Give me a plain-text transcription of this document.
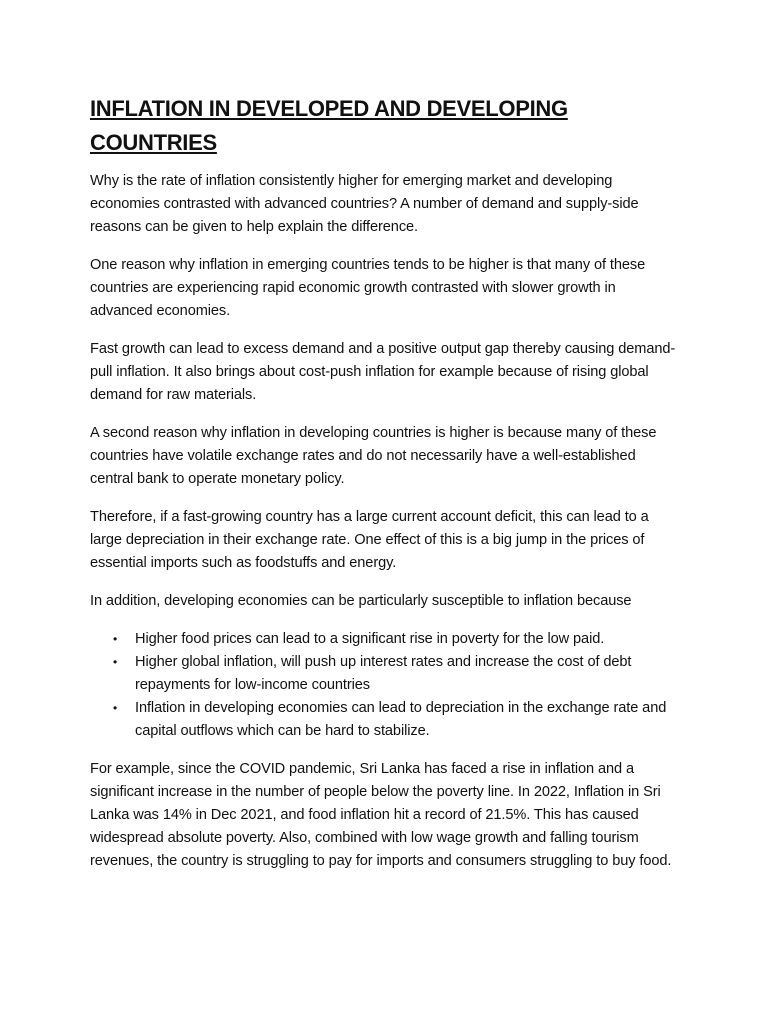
INFLATION IN DEVELOPED AND DEVELOPING
COUNTRIES

Why is the rate of inflation consistently higher for emerging market and developing economies contrasted with advanced countries? A number of demand and supply-side reasons can be given to help explain the difference.

One reason why inflation in emerging countries tends to be higher is that many of these countries are experiencing rapid economic growth contrasted with slower growth in advanced economies.

Fast growth can lead to excess demand and a positive output gap thereby causing demand-pull inflation. It also brings about cost-push inflation for example because of rising global demand for raw materials.

A second reason why inflation in developing countries is higher is because many of these countries have volatile exchange rates and do not necessarily have a well-established central bank to operate monetary policy.

Therefore, if a fast-growing country has a large current account deficit, this can lead to a large depreciation in their exchange rate. One effect of this is a big jump in the prices of essential imports such as foodstuffs and energy.

In addition, developing economies can be particularly susceptible to inflation because

• Higher food prices can lead to a significant rise in poverty for the low paid.
• Higher global inflation, will push up interest rates and increase the cost of debt repayments for low-income countries
• Inflation in developing economies can lead to depreciation in the exchange rate and capital outflows which can be hard to stabilize.

For example, since the COVID pandemic, Sri Lanka has faced a rise in inflation and a significant increase in the number of people below the poverty line. In 2022, Inflation in Sri Lanka was 14% in Dec 2021, and food inflation hit a record of 21.5%. This has caused widespread absolute poverty. Also, combined with low wage growth and falling tourism revenues, the country is struggling to pay for imports and consumers struggling to buy food.
